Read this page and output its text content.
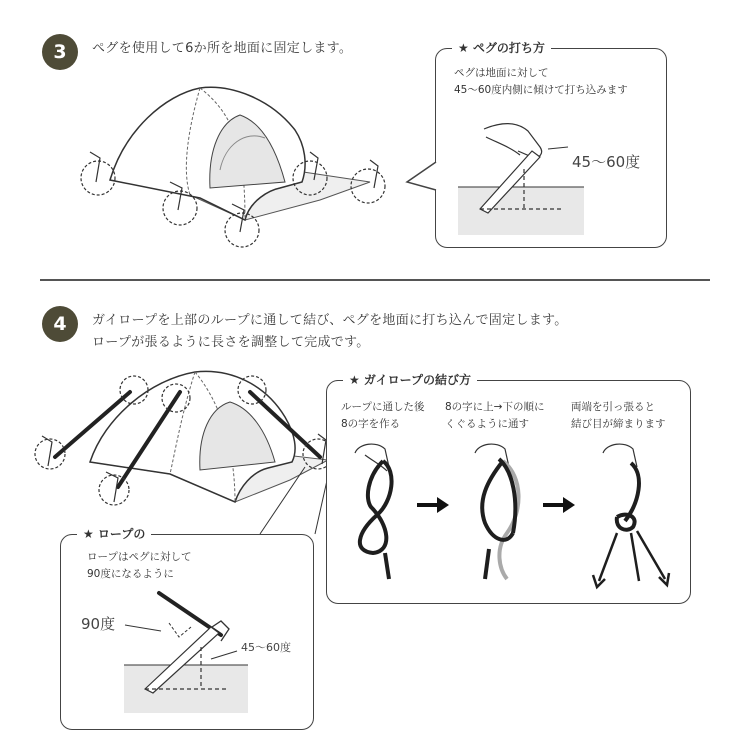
3	ペグを使用して6か所を地面に固定します。	★ ペグの打ち方
ペグは地面に対して
45〜60度内側に傾けて打ち込みます
45〜60度
4	ガイロープを上部のループに通して結び、ペグを地面に打ち込んで固定します。
ロープが張るように長さを調整して完成です。
★ ロープの
ロープはペグに対して
90度になるように
90度
45〜60度
★ ガイロープの結び方
ループに通した後
8の字を作る
8の字に上→下の順に
くぐるように通す
両端を引っ張ると
結び目が締まります
